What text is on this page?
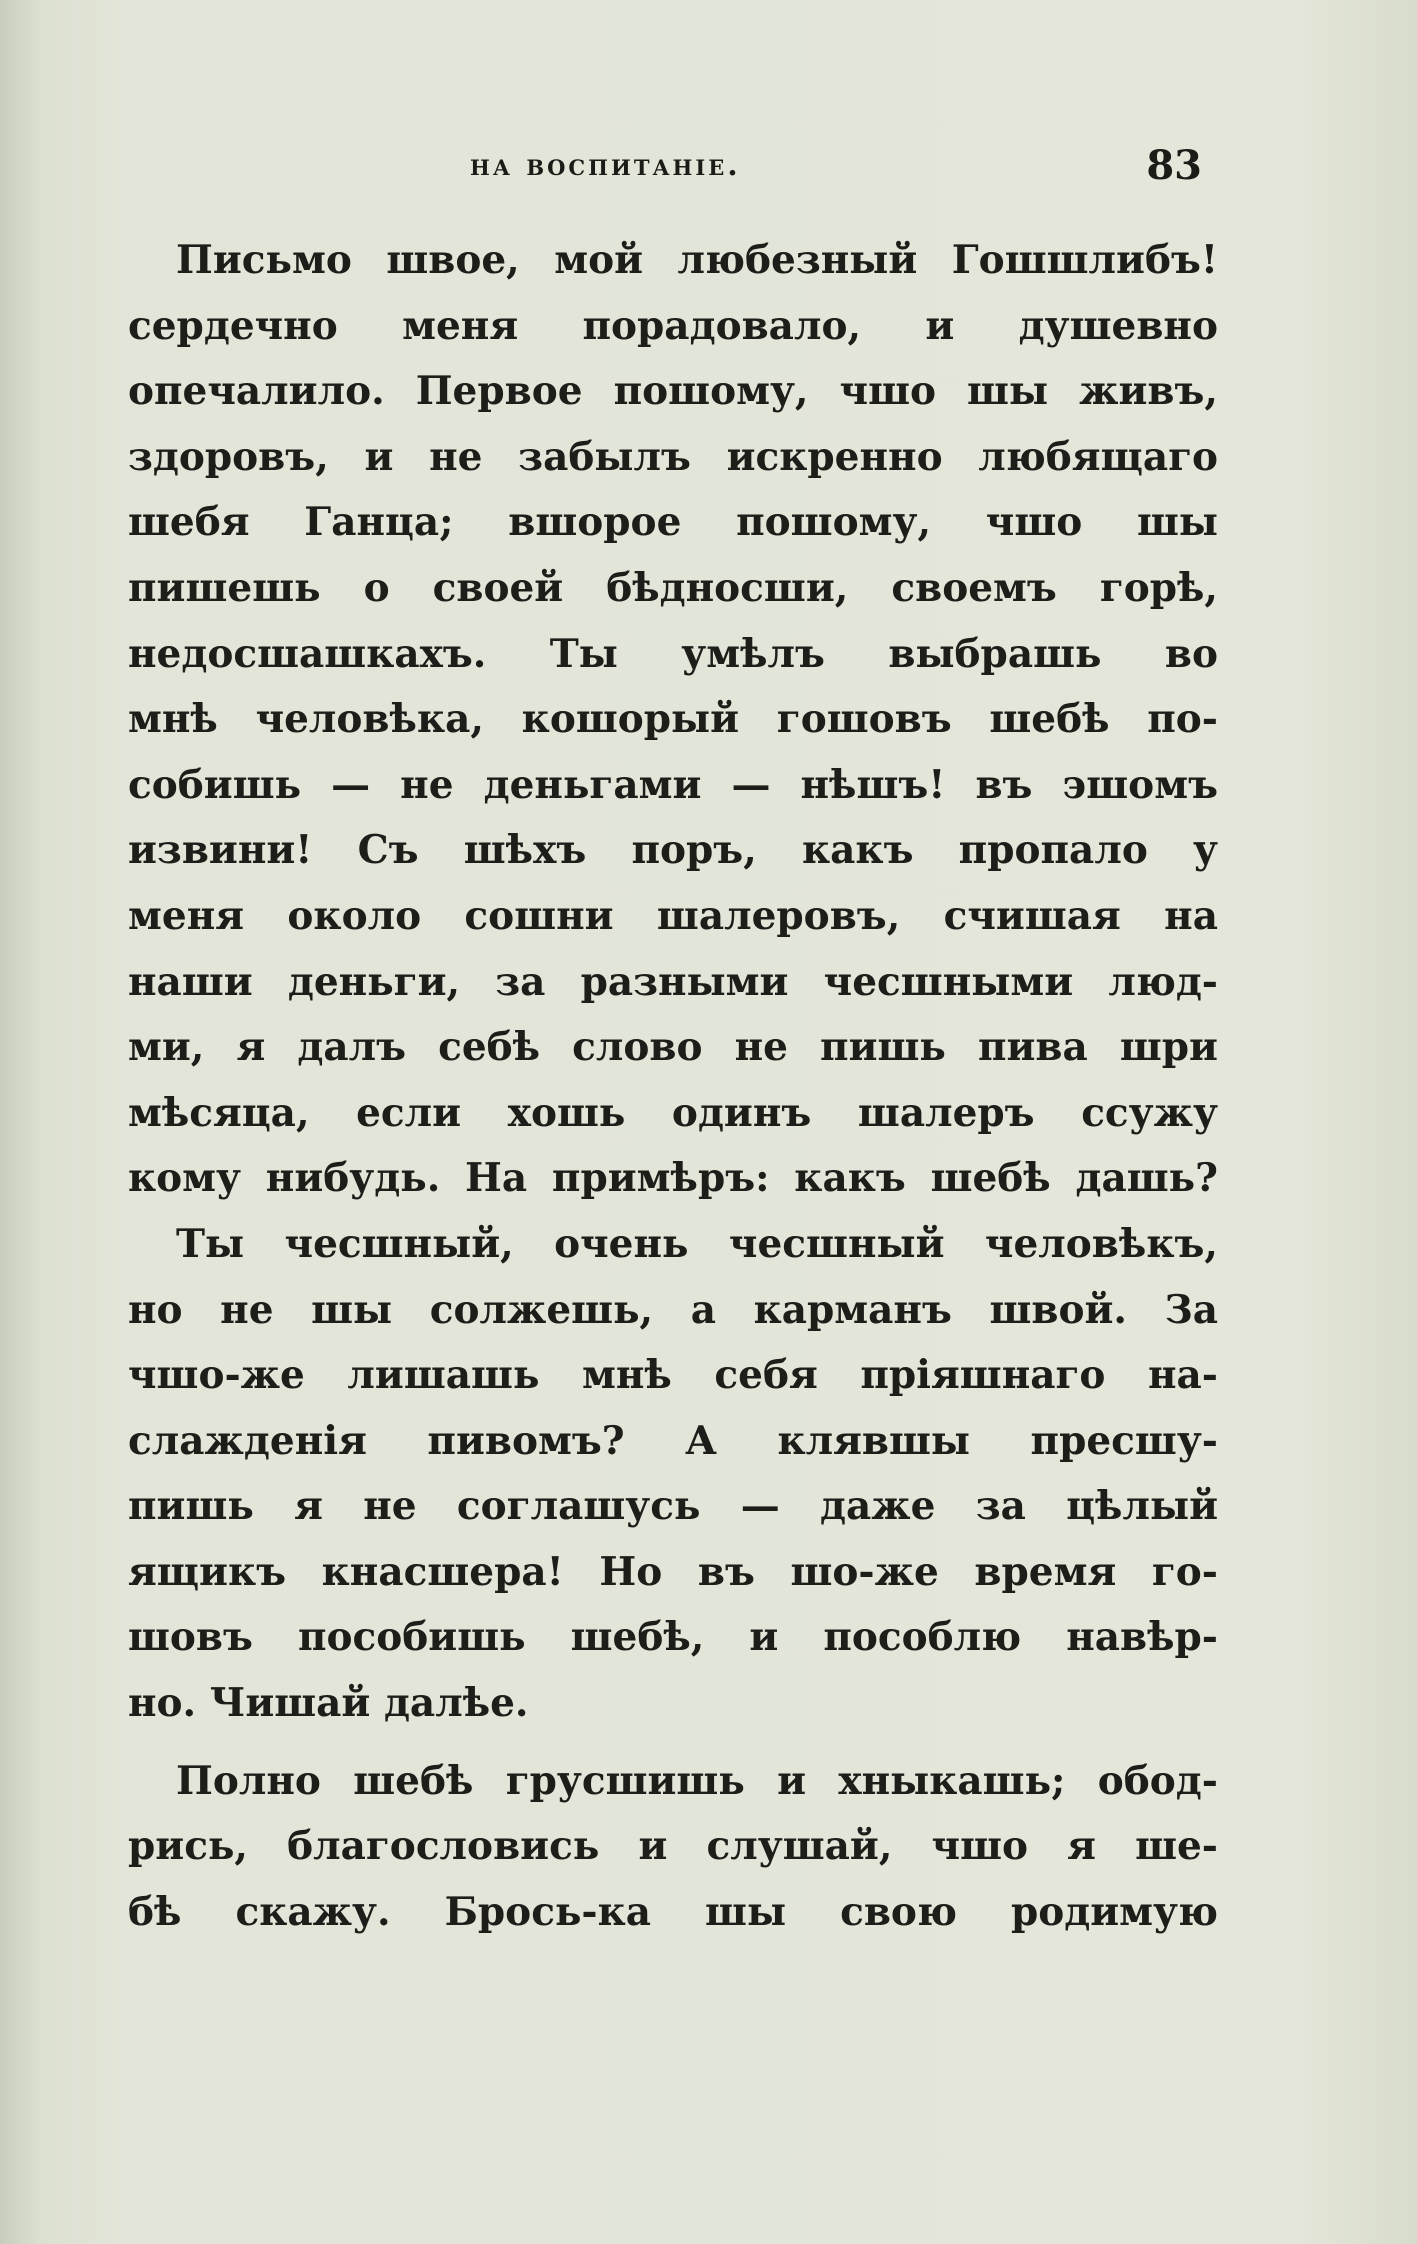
на воспитаніе.	83
Письмо швое, мой любезный Гошшлибъ!
сердечно меня порадовало, и душевно
опечалило. Первое пошому, чшо шы живъ,
здоровъ, и не забылъ искренно любящаго
шебя Ганца; вшорое пошому, чшо шы
пишешь о своей бѣдносши, своемъ горѣ,
недосшашкахъ. Ты умѣлъ выбрашь во
мнѣ человѣка, кошорый гошовъ шебѣ по-
собишь — не деньгами — нѣшъ! въ эшомъ
извини! Съ шѣхъ поръ, какъ пропало у
меня около сошни шалеровъ, счишая на
наши деньги, за разными чесшными люд-
ми, я далъ себѣ слово не пишь пива шри
мѣсяца, если хошь одинъ шалеръ ссужу
кому нибудь. На примѣръ: какъ шебѣ дашь?
Ты чесшный, очень чесшный человѣкъ,
но не шы солжешь, а карманъ швой. За
чшо-же лишашь мнѣ себя пріяшнаго на-
слажденія пивомъ? А клявшы пресшу-
пишь я не соглашусь — даже за цѣлый
ящикъ кнасшера! Но въ шо-же время го-
шовъ пособишь шебѣ, и пособлю навѣр-
но. Чишай далѣе.
Полно шебѣ грусшишь и хныкашь; обод-
рись, благословись и слушай, чшо я ше-
бѣ скажу. Брось-ка шы свою родимую
